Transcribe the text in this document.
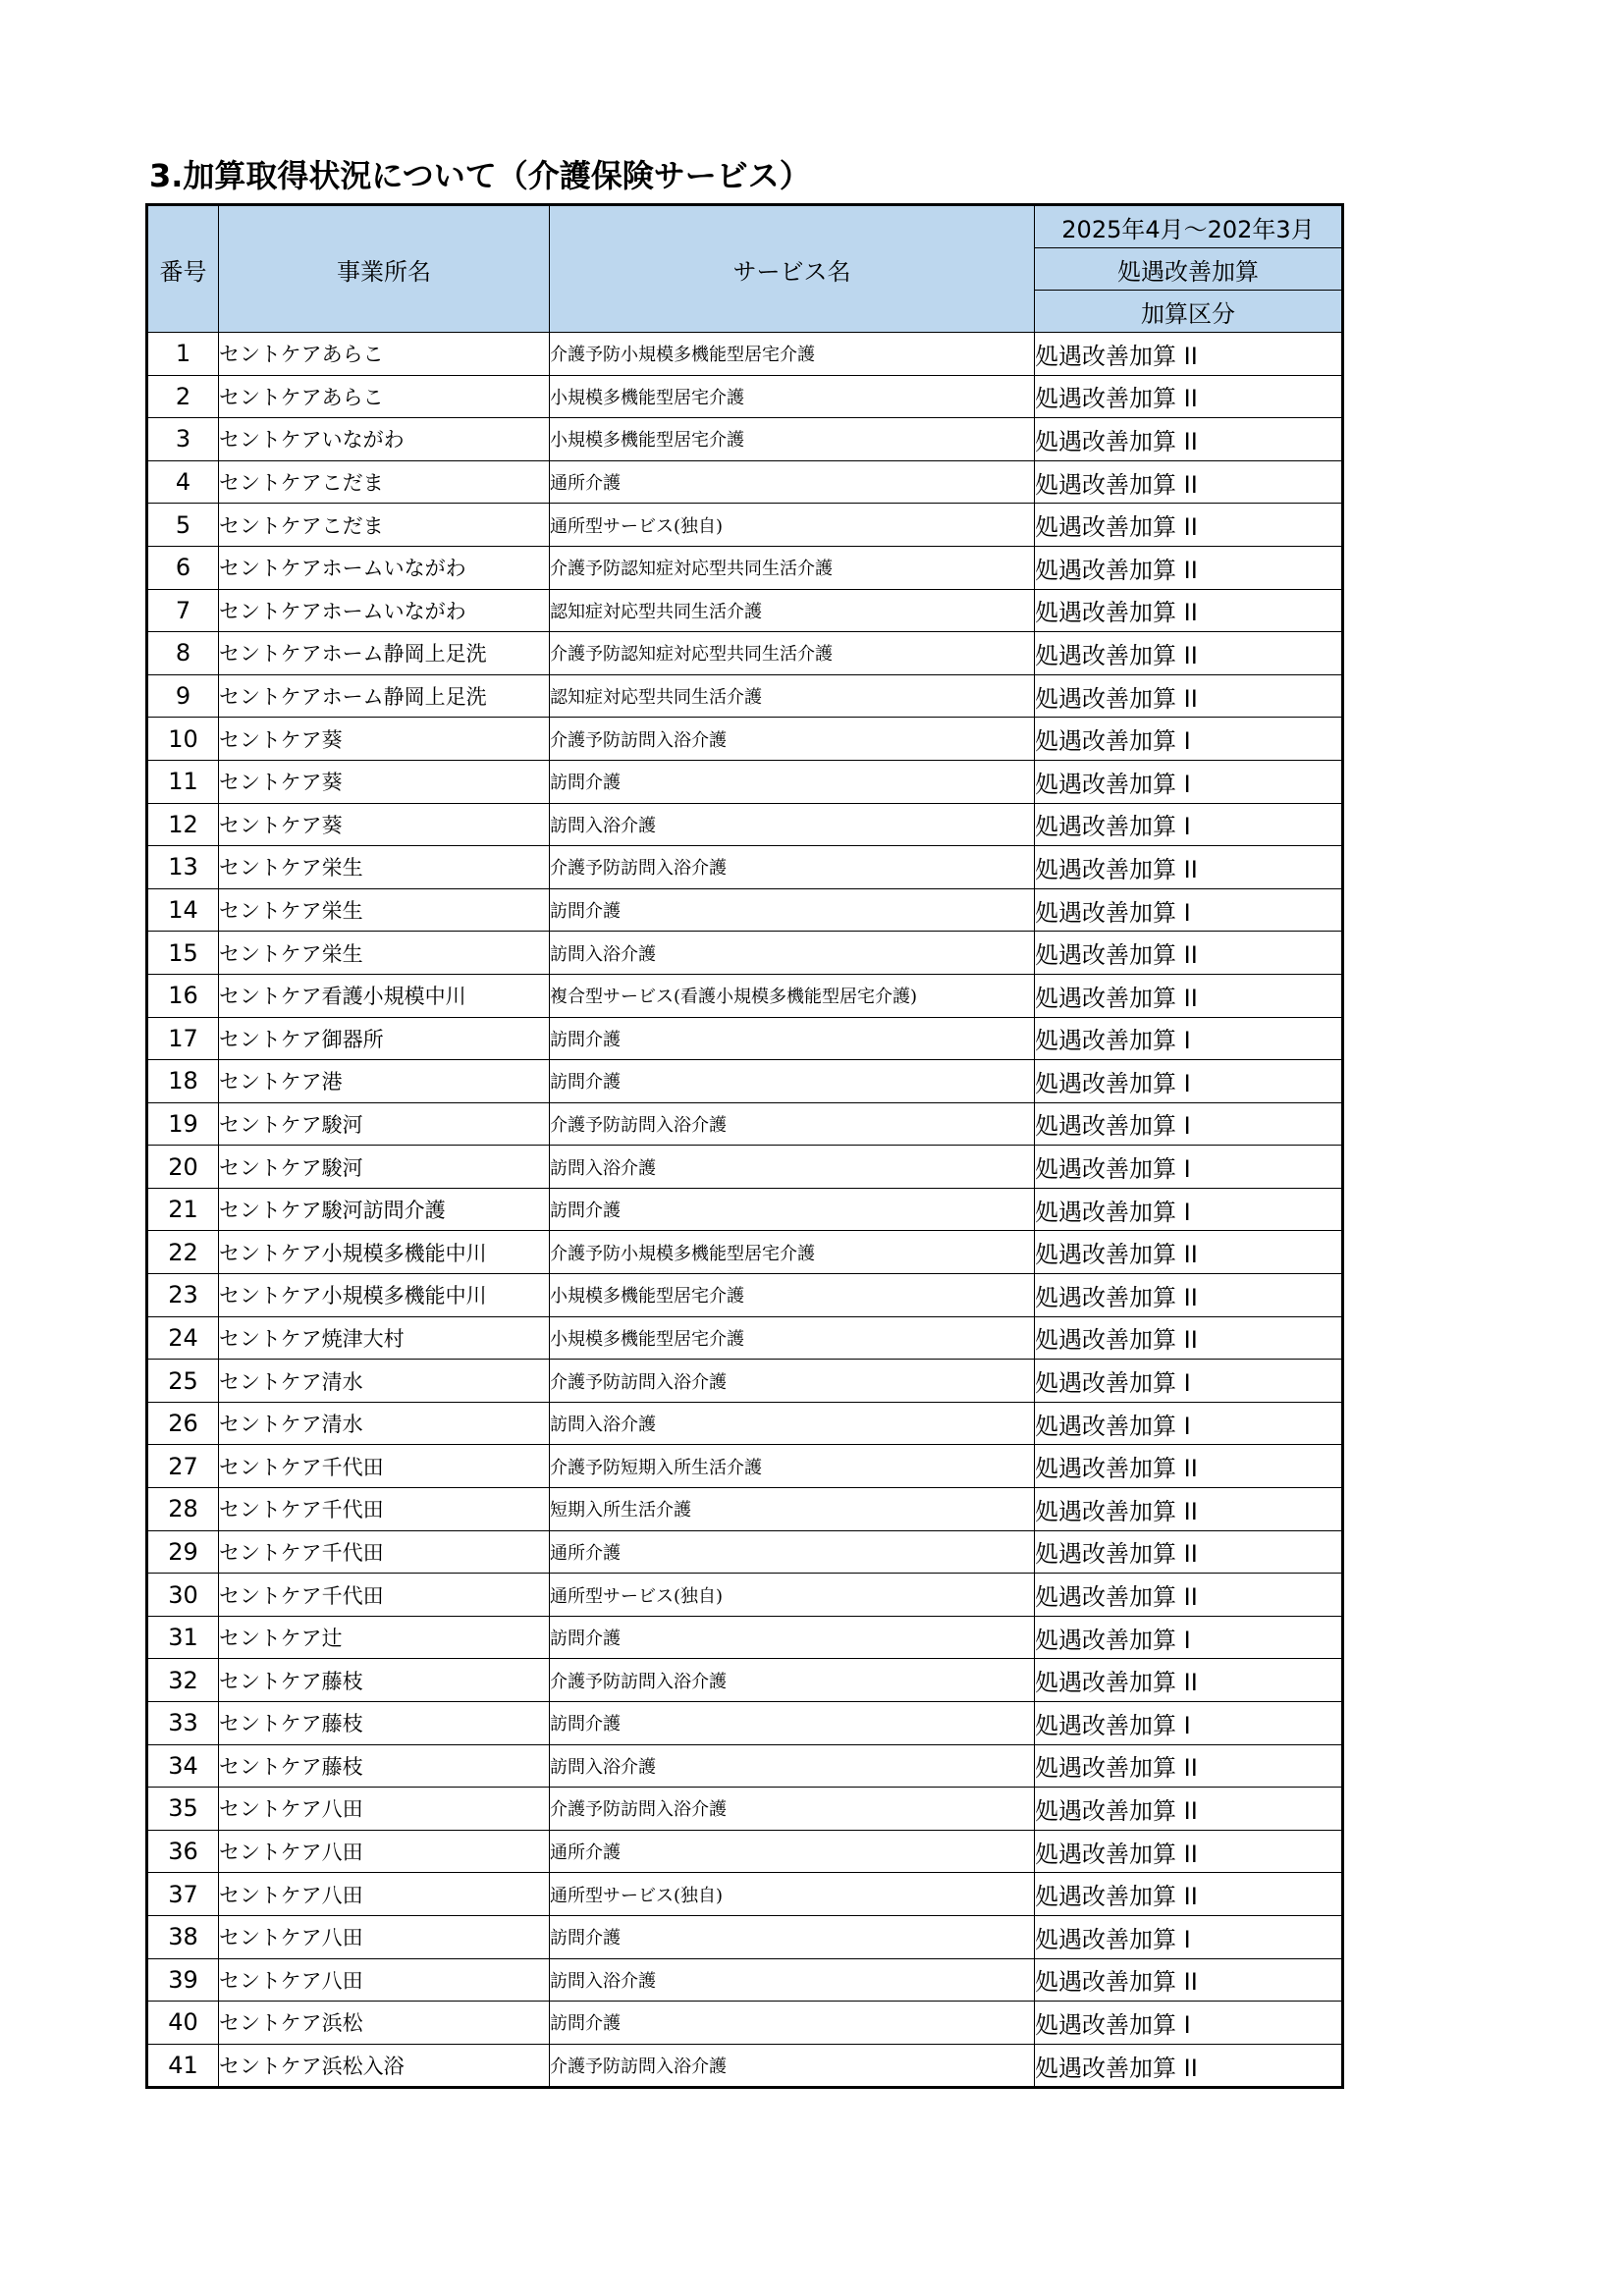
3.加算取得状況について（介護保険サービス）
番号	事業所名	サービス名	2025年4月～202年3月
			処遇改善加算
			加算区分
1	セントケアあらこ	介護予防小規模多機能型居宅介護	処遇改善加算 II
2	セントケアあらこ	小規模多機能型居宅介護	処遇改善加算 II
3	セントケアいながわ	小規模多機能型居宅介護	処遇改善加算 II
4	セントケアこだま	通所介護	処遇改善加算 II
5	セントケアこだま	通所型サービス(独自)	処遇改善加算 II
6	セントケアホームいながわ	介護予防認知症対応型共同生活介護	処遇改善加算 II
7	セントケアホームいながわ	認知症対応型共同生活介護	処遇改善加算 II
8	セントケアホーム静岡上足洗	介護予防認知症対応型共同生活介護	処遇改善加算 II
9	セントケアホーム静岡上足洗	認知症対応型共同生活介護	処遇改善加算 II
10	セントケア葵	介護予防訪問入浴介護	処遇改善加算 I
11	セントケア葵	訪問介護	処遇改善加算 I
12	セントケア葵	訪問入浴介護	処遇改善加算 I
13	セントケア栄生	介護予防訪問入浴介護	処遇改善加算 II
14	セントケア栄生	訪問介護	処遇改善加算 I
15	セントケア栄生	訪問入浴介護	処遇改善加算 II
16	セントケア看護小規模中川	複合型サービス(看護小規模多機能型居宅介護)	処遇改善加算 II
17	セントケア御器所	訪問介護	処遇改善加算 I
18	セントケア港	訪問介護	処遇改善加算 I
19	セントケア駿河	介護予防訪問入浴介護	処遇改善加算 I
20	セントケア駿河	訪問入浴介護	処遇改善加算 I
21	セントケア駿河訪問介護	訪問介護	処遇改善加算 I
22	セントケア小規模多機能中川	介護予防小規模多機能型居宅介護	処遇改善加算 II
23	セントケア小規模多機能中川	小規模多機能型居宅介護	処遇改善加算 II
24	セントケア焼津大村	小規模多機能型居宅介護	処遇改善加算 II
25	セントケア清水	介護予防訪問入浴介護	処遇改善加算 I
26	セントケア清水	訪問入浴介護	処遇改善加算 I
27	セントケア千代田	介護予防短期入所生活介護	処遇改善加算 II
28	セントケア千代田	短期入所生活介護	処遇改善加算 II
29	セントケア千代田	通所介護	処遇改善加算 II
30	セントケア千代田	通所型サービス(独自)	処遇改善加算 II
31	セントケア辻	訪問介護	処遇改善加算 I
32	セントケア藤枝	介護予防訪問入浴介護	処遇改善加算 II
33	セントケア藤枝	訪問介護	処遇改善加算 I
34	セントケア藤枝	訪問入浴介護	処遇改善加算 II
35	セントケア八田	介護予防訪問入浴介護	処遇改善加算 II
36	セントケア八田	通所介護	処遇改善加算 II
37	セントケア八田	通所型サービス(独自)	処遇改善加算 II
38	セントケア八田	訪問介護	処遇改善加算 I
39	セントケア八田	訪問入浴介護	処遇改善加算 II
40	セントケア浜松	訪問介護	処遇改善加算 I
41	セントケア浜松入浴	介護予防訪問入浴介護	処遇改善加算 II
